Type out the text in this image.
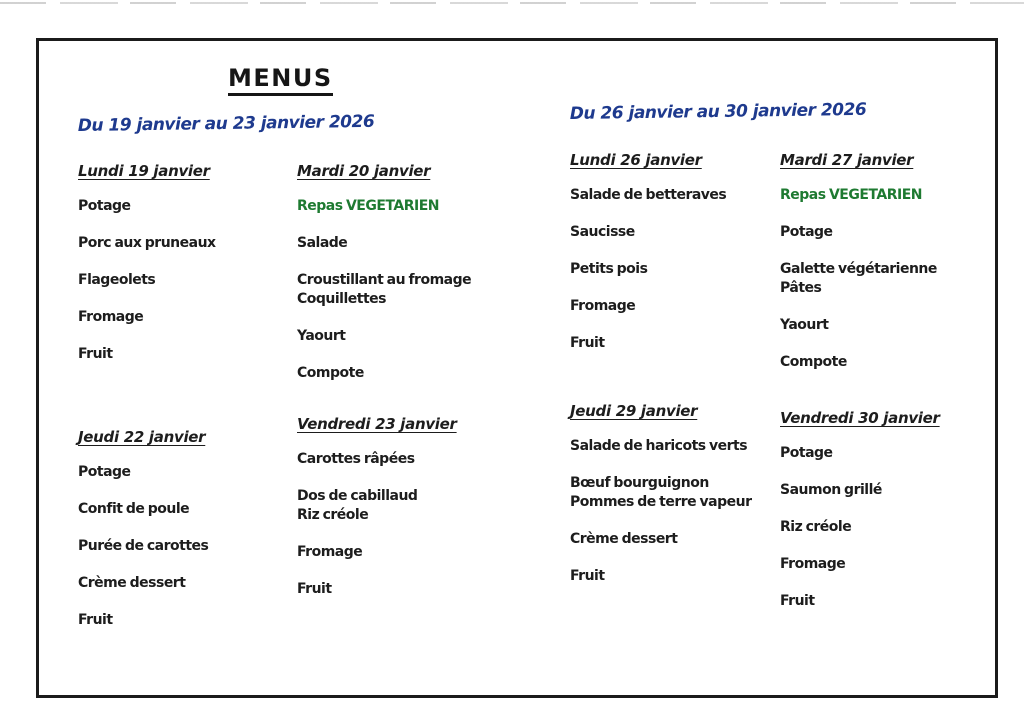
MENUS
Du 19 janvier au 23 janvier 2026	Du 26 janvier au 30 janvier 2026
Lundi 19 janvier
Potage
Porc aux pruneaux
Flageolets
Fromage
Fruit
Mardi 20 janvier
Repas VEGETARIEN
Salade
Croustillant au fromage
Coquillettes
Yaourt
Compote
Jeudi 22 janvier
Potage
Confit de poule
Purée de carottes
Crème dessert
Fruit
Vendredi 23 janvier
Carottes râpées
Dos de cabillaud
Riz créole
Fromage
Fruit
Lundi 26 janvier
Salade de betteraves
Saucisse
Petits pois
Fromage
Fruit
Mardi 27 janvier
Repas VEGETARIEN
Potage
Galette végétarienne
Pâtes
Yaourt
Compote
Jeudi 29 janvier
Salade de haricots verts
Bœuf bourguignon
Pommes de terre vapeur
Crème dessert
Fruit
Vendredi 30 janvier
Potage
Saumon grillé
Riz créole
Fromage
Fruit
